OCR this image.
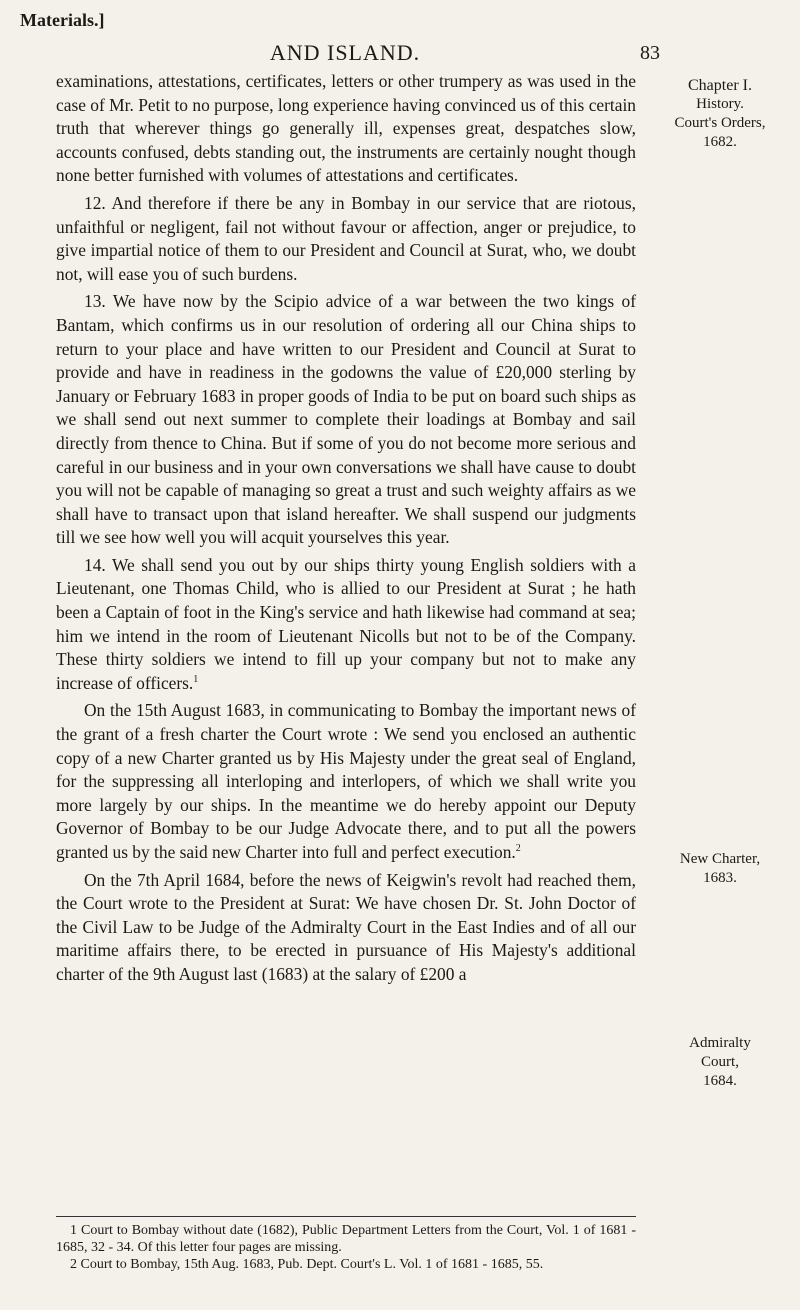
Materials.]
AND ISLAND.	83

examinations, attestations, certificates, letters or other trumpery as was used in the case of Mr. Petit to no purpose, long experience having convinced us of this certain truth that wherever things go generally ill, expenses great, despatches slow, accounts confused, debts standing out, the instruments are certainly nought though none better furnished with volumes of attestations and certificates.

12. And therefore if there be any in Bombay in our service that are riotous, unfaithful or negligent, fail not without favour or affection, anger or prejudice, to give impartial notice of them to our President and Council at Surat, who, we doubt not, will ease you of such burdens.

13. We have now by the Scipio advice of a war between the two kings of Bantam, which confirms us in our resolution of ordering all our China ships to return to your place and have written to our President and Council at Surat to provide and have in readiness in the godowns the value of £20,000 sterling by January or February 1683 in proper goods of India to be put on board such ships as we shall send out next summer to complete their loadings at Bombay and sail directly from thence to China. But if some of you do not become more serious and careful in our business and in your own conversations we shall have cause to doubt you will not be capable of managing so great a trust and such weighty affairs as we shall have to transact upon that island hereafter. We shall suspend our judgments till we see how well you will acquit yourselves this year.

14. We shall send you out by our ships thirty young English soldiers with a Lieutenant, one Thomas Child, who is allied to our President at Surat ; he hath been a Captain of foot in the King's service and hath likewise had command at sea; him we intend in the room of Lieutenant Nicolls but not to be of the Company. These thirty soldiers we intend to fill up your company but not to make any increase of officers.$^1$

On the 15th August 1683, in communicating to Bombay the important news of the grant of a fresh charter the Court wrote : We send you enclosed an authentic copy of a new Charter granted us by His Majesty under the great seal of England, for the suppressing all interloping and interlopers, of which we shall write you more largely by our ships. In the meantime we do hereby appoint our Deputy Governor of Bombay to be our Judge Advocate there, and to put all the powers granted us by the said new Charter into full and perfect execution.$^2$

On the 7th April 1684, before the news of Keigwin's revolt had reached them, the Court wrote to the President at Surat: We have chosen Dr. St. John Doctor of the Civil Law to be Judge of the Admiralty Court in the East Indies and of all our maritime affairs there, to be erected in pursuance of His Majesty's additional charter of the 9th August last (1683) at the salary of £200 a

Chapter I.
History.
Court's Orders,
1682.
New Charter,
1683.
Admiralty
Court,
1684.

1 Court to Bombay without date (1682), Public Department Letters from the Court, Vol. 1 of 1681 - 1685, 32 - 34. Of this letter four pages are missing.

2 Court to Bombay, 15th Aug. 1683, Pub. Dept. Court's L. Vol. 1 of 1681 - 1685, 55.
